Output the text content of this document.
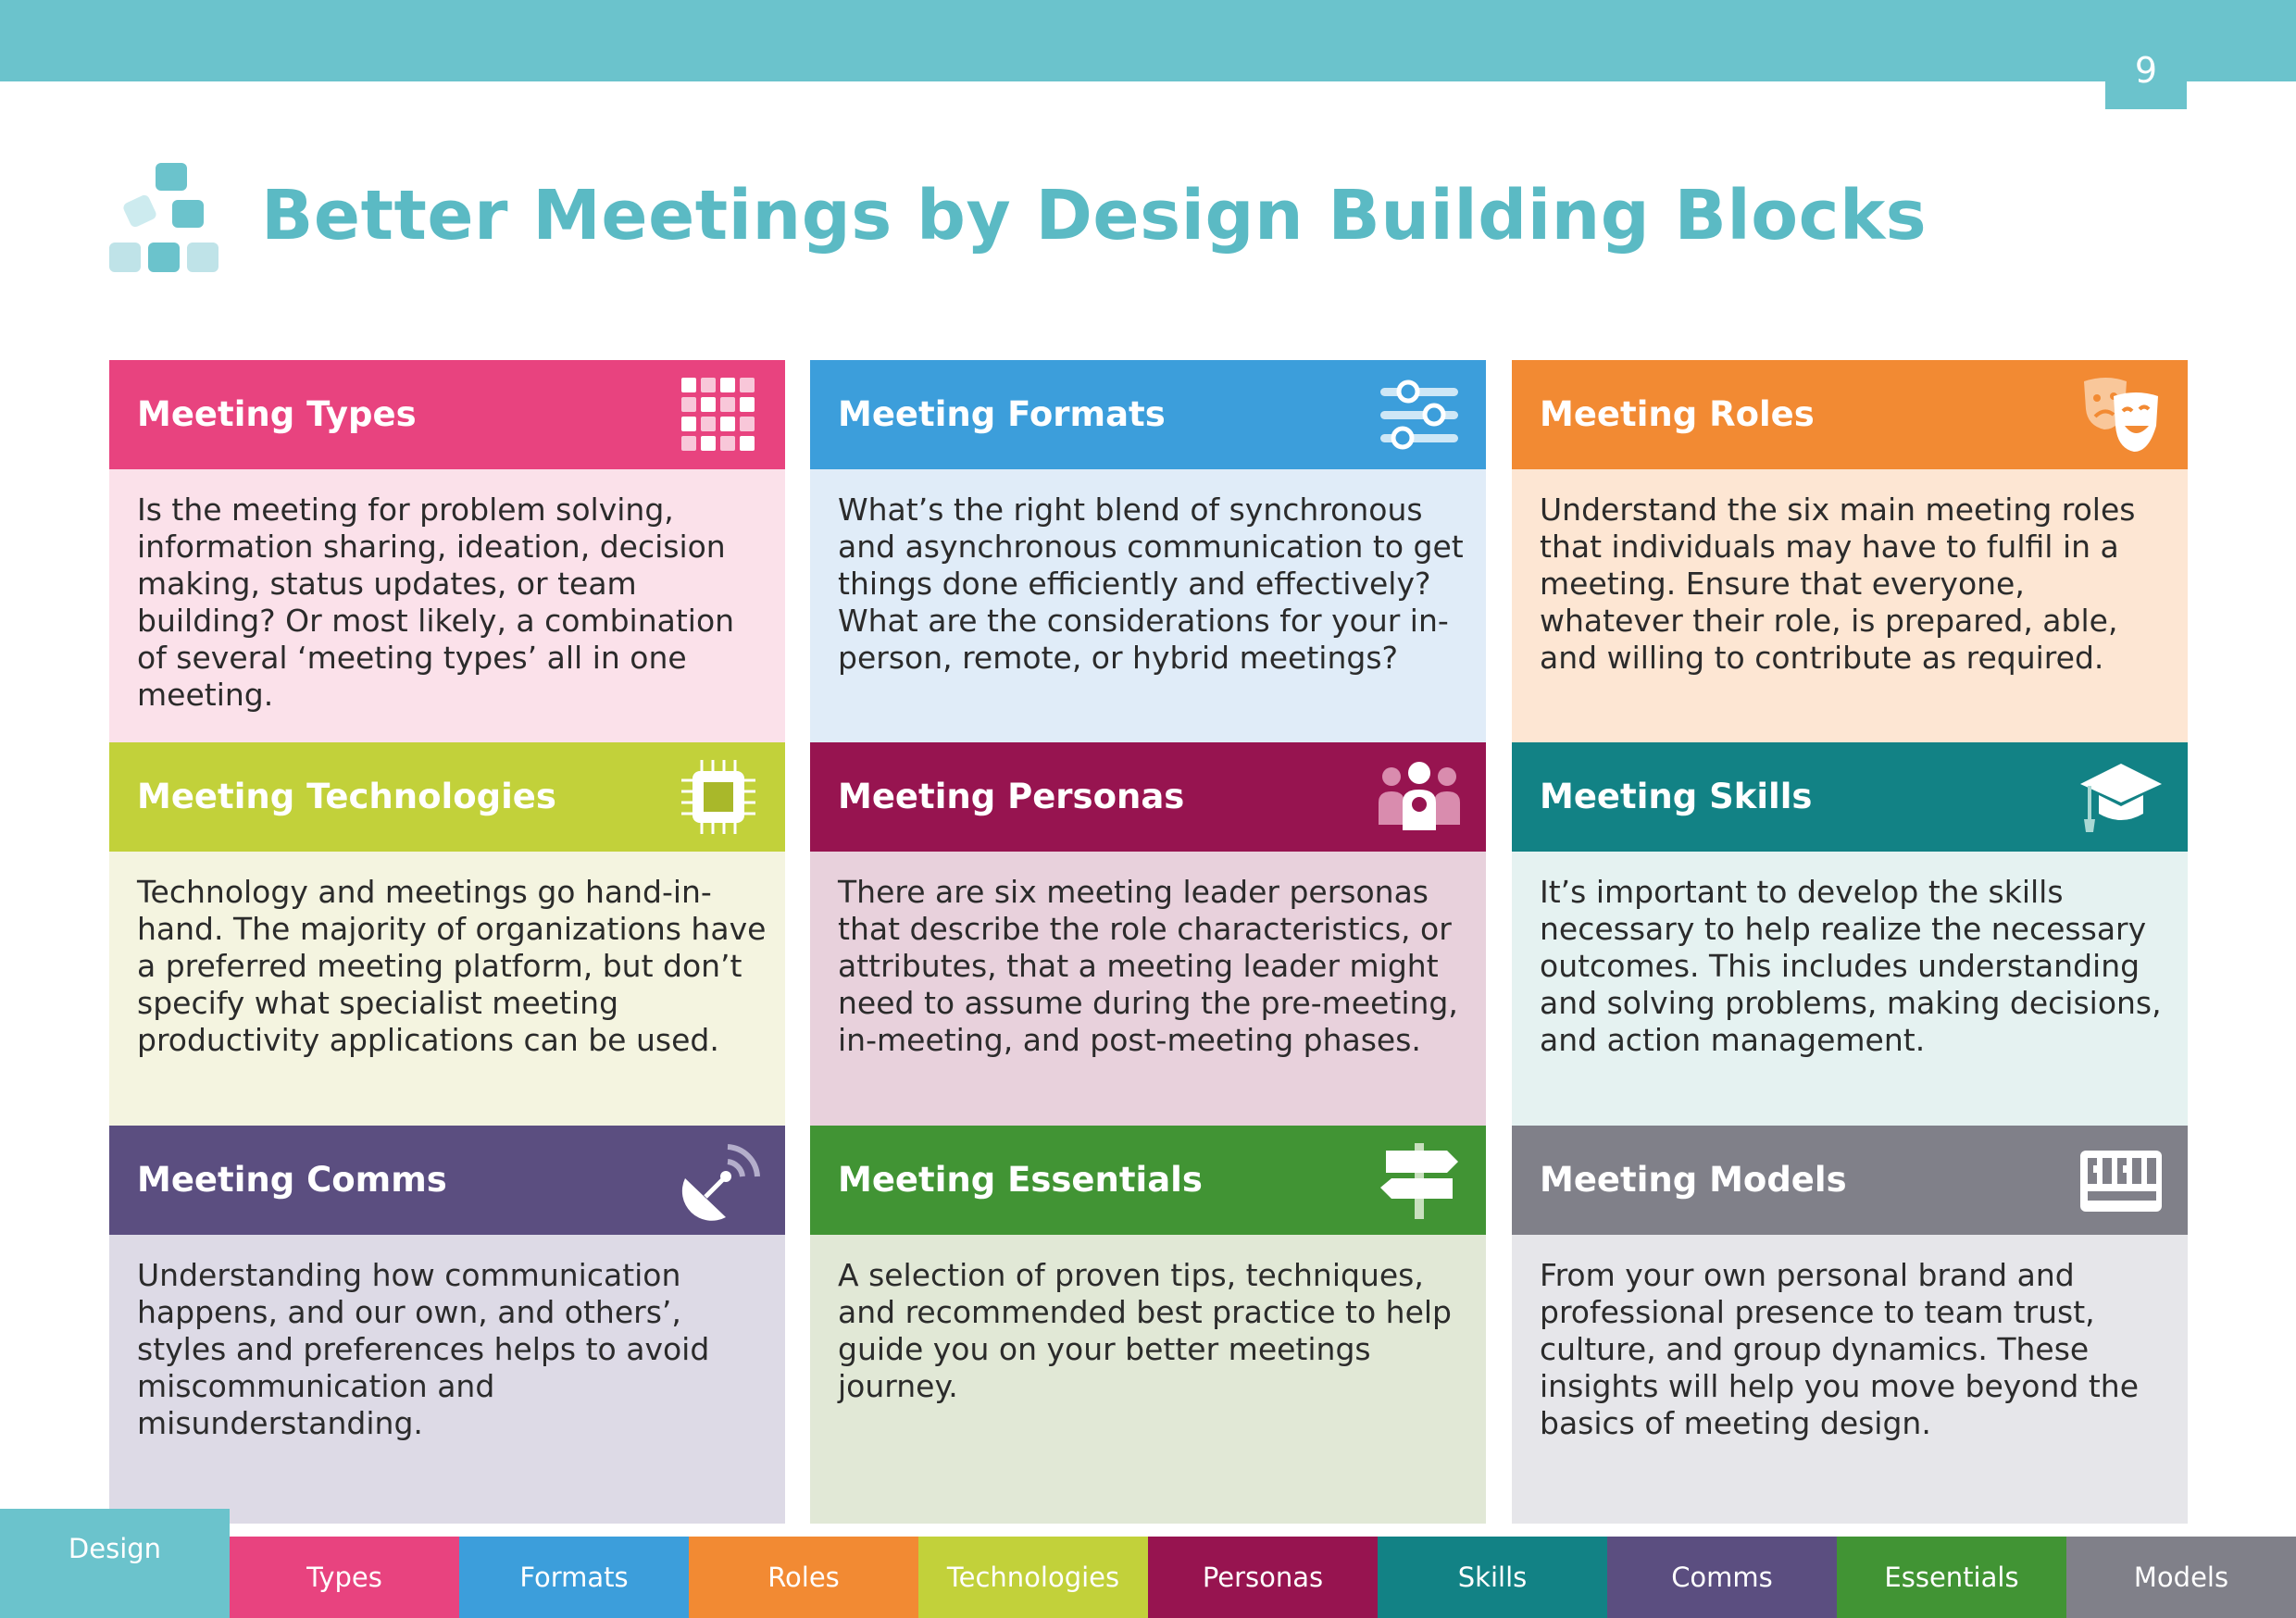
9
Better Meetings by Design Building Blocks
Meeting Types
Is the meeting for problem solving, information sharing, ideation, decision making, status updates, or team building? Or most likely, a combination of several ‘meeting types’ all in one meeting.
Meeting Formats
What’s the right blend of synchronous and asynchronous communication to get things done efficiently and effectively? What are the considerations for your in-person, remote, or hybrid meetings?
Meeting Roles
Understand the six main meeting roles that individuals may have to fulfil in a meeting. Ensure that everyone, whatever their role, is prepared, able, and willing to contribute as required.
Meeting Technologies
Technology and meetings go hand-in-hand. The majority of organizations have a preferred meeting platform, but don’t specify what specialist meeting productivity applications can be used.
Meeting Personas
There are six meeting leader personas that describe the role characteristics, or attributes, that a meeting leader might need to assume during the pre-meeting, in-meeting, and post-meeting phases.
Meeting Skills
It’s important to develop the skills necessary to help realize the necessary outcomes. This includes understanding and solving problems, making decisions, and action management.
Meeting Comms
Understanding how communication happens, and our own, and others’, styles and preferences helps to avoid miscommunication and misunderstanding.
Meeting Essentials
A selection of proven tips, techniques, and recommended best practice to help guide you on your better meetings journey.
Meeting Models
From your own personal brand and professional presence to team trust, culture, and group dynamics. These insights will help you move beyond the basics of meeting design.
Design
Types	Formats	Roles	Technologies	Personas	Skills	Comms	Essentials	Models
